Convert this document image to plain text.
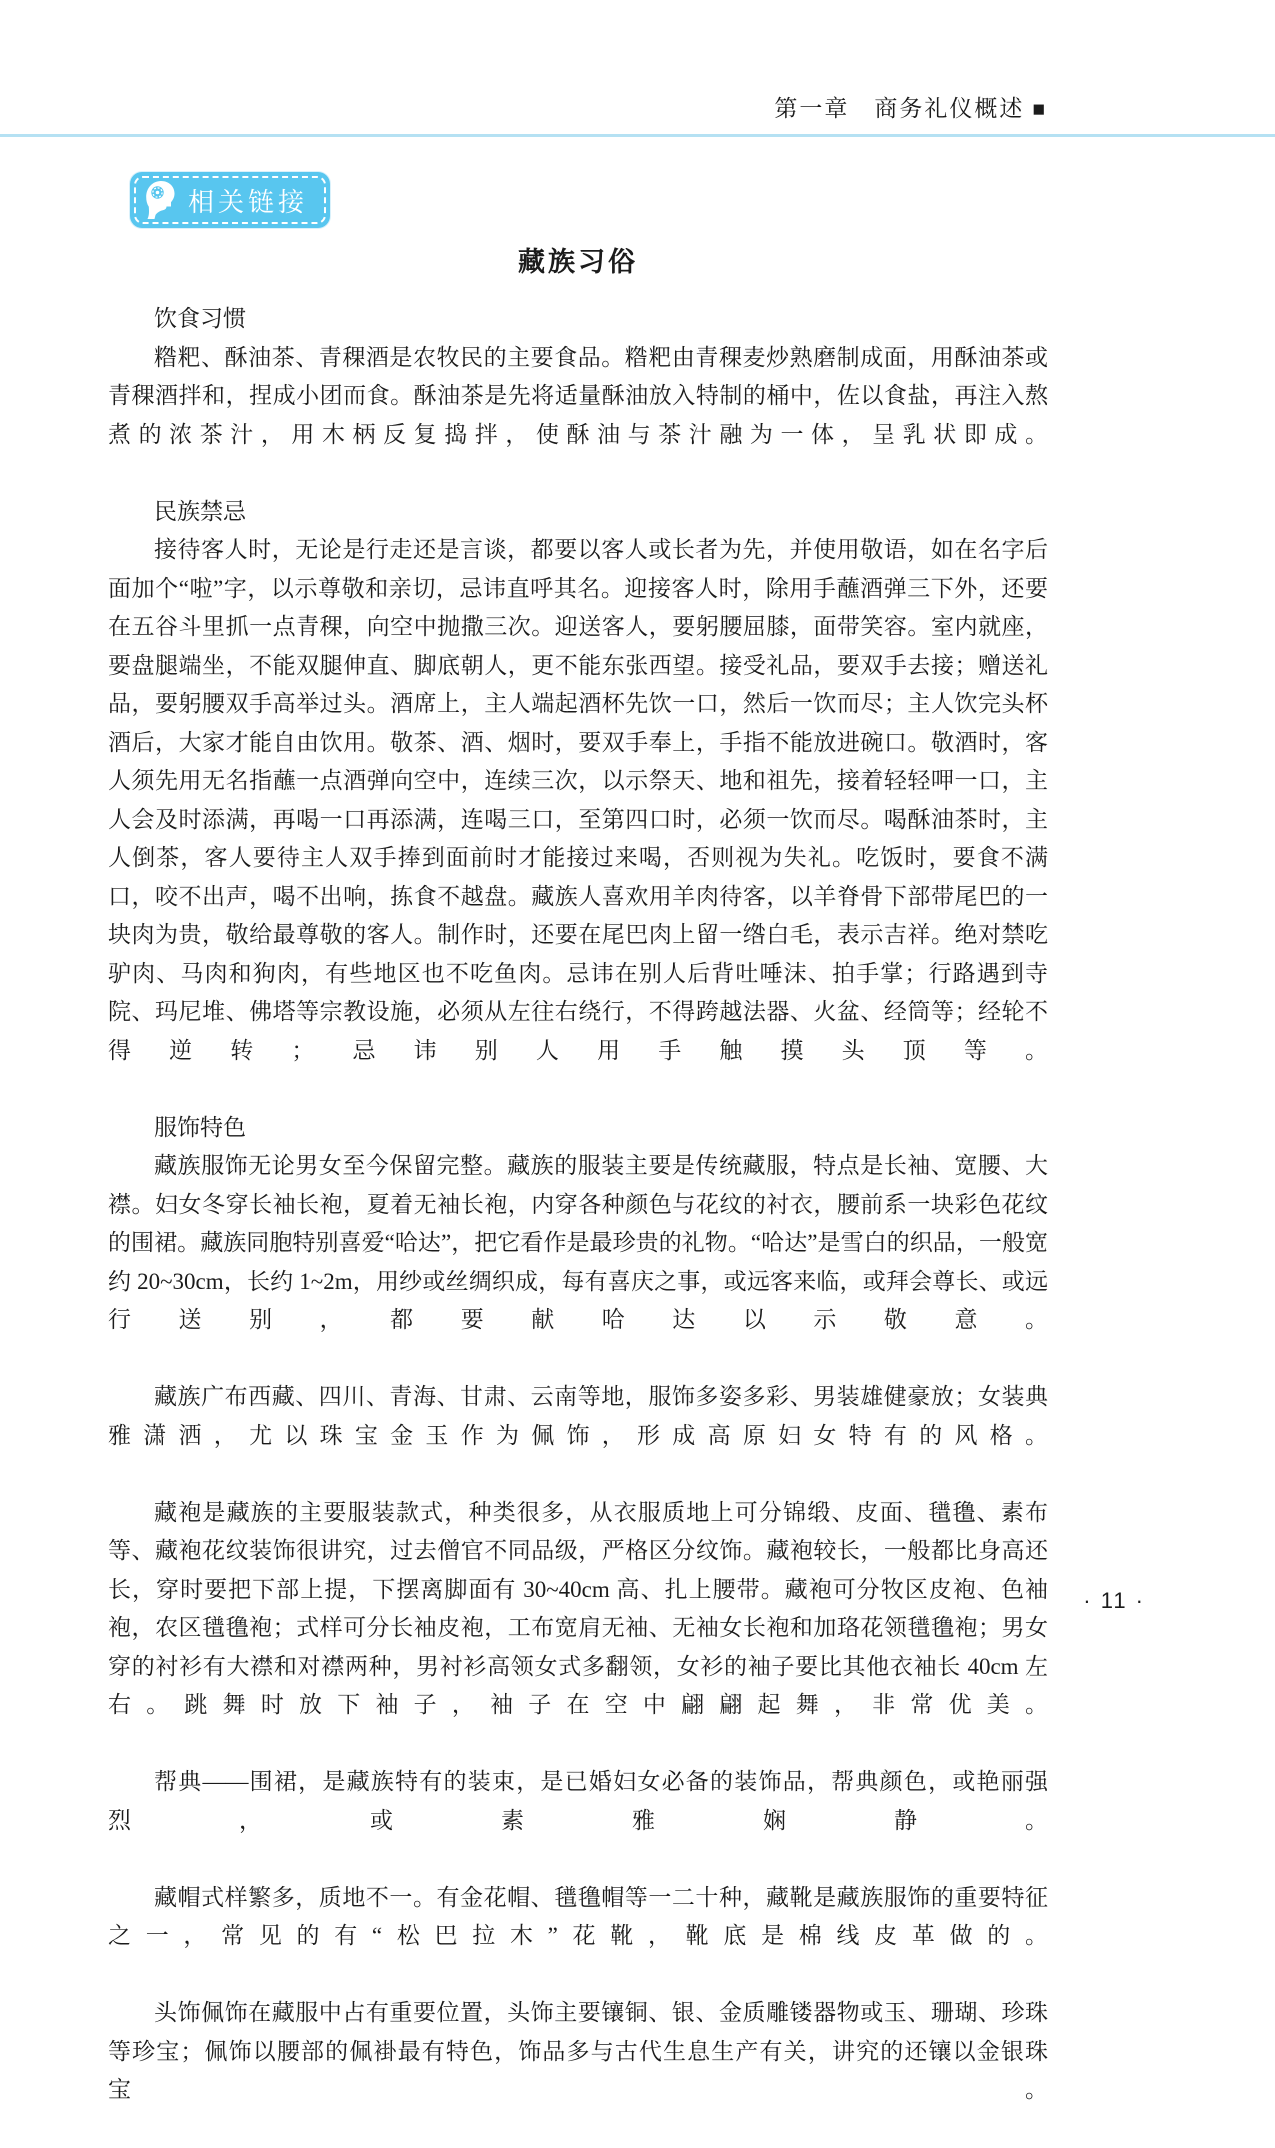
第一章　商务礼仪概述 ■
相关链接
藏族习俗

饮食习惯

糌粑、酥油茶、青稞酒是农牧民的主要食品。糌粑由青稞麦炒熟磨制成面，用酥油茶或青稞酒拌和，捏成小团而食。酥油茶是先将适量酥油放入特制的桶中，佐以食盐，再注入熬煮的浓茶汁，用木柄反复捣拌，使酥油与茶汁融为一体，呈乳状即成。

民族禁忌

接待客人时，无论是行走还是言谈，都要以客人或长者为先，并使用敬语，如在名字后面加个“啦”字，以示尊敬和亲切，忌讳直呼其名。迎接客人时，除用手蘸酒弹三下外，还要在五谷斗里抓一点青稞，向空中抛撒三次。迎送客人，要躬腰屈膝，面带笑容。室内就座，要盘腿端坐，不能双腿伸直、脚底朝人，更不能东张西望。接受礼品，要双手去接；赠送礼品，要躬腰双手高举过头。酒席上，主人端起酒杯先饮一口，然后一饮而尽；主人饮完头杯酒后，大家才能自由饮用。敬茶、酒、烟时，要双手奉上，手指不能放进碗口。敬酒时，客人须先用无名指蘸一点酒弹向空中，连续三次，以示祭天、地和祖先，接着轻轻呷一口，主人会及时添满，再喝一口再添满，连喝三口，至第四口时，必须一饮而尽。喝酥油茶时，主人倒茶，客人要待主人双手捧到面前时才能接过来喝，否则视为失礼。吃饭时，要食不满口，咬不出声，喝不出响，拣食不越盘。藏族人喜欢用羊肉待客，以羊脊骨下部带尾巴的一块肉为贵，敬给最尊敬的客人。制作时，还要在尾巴肉上留一绺白毛，表示吉祥。绝对禁吃驴肉、马肉和狗肉，有些地区也不吃鱼肉。忌讳在别人后背吐唾沫、拍手掌；行路遇到寺院、玛尼堆、佛塔等宗教设施，必须从左往右绕行，不得跨越法器、火盆、经筒等；经轮不得逆转；忌讳别人用手触摸头顶等。

服饰特色

藏族服饰无论男女至今保留完整。藏族的服装主要是传统藏服，特点是长袖、宽腰、大襟。妇女冬穿长袖长袍，夏着无袖长袍，内穿各种颜色与花纹的衬衣，腰前系一块彩色花纹的围裙。藏族同胞特别喜爱“哈达”，把它看作是最珍贵的礼物。“哈达”是雪白的织品，一般宽约 20~30cm，长约 1~2m，用纱或丝绸织成，每有喜庆之事，或远客来临，或拜会尊长、或远行送别，都要献哈达以示敬意。

藏族广布西藏、四川、青海、甘肃、云南等地，服饰多姿多彩、男装雄健豪放；女装典雅潇洒，尤以珠宝金玉作为佩饰，形成高原妇女特有的风格。

藏袍是藏族的主要服装款式，种类很多，从衣服质地上可分锦缎、皮面、氆氇、素布等、藏袍花纹装饰很讲究，过去僧官不同品级，严格区分纹饰。藏袍较长，一般都比身高还长，穿时要把下部上提，下摆离脚面有 30~40cm 高、扎上腰带。藏袍可分牧区皮袍、色袖袍，农区氆氇袍；式样可分长袖皮袍，工布宽肩无袖、无袖女长袍和加珞花领氆氇袍；男女穿的衬衫有大襟和对襟两种，男衬衫高领女式多翻领，女衫的袖子要比其他衣袖长 40cm 左右。跳舞时放下袖子，袖子在空中翩翩起舞，非常优美。

帮典——围裙，是藏族特有的装束，是已婚妇女必备的装饰品，帮典颜色，或艳丽强烈，或素雅娴静。

藏帽式样繁多，质地不一。有金花帽、氆氇帽等一二十种，藏靴是藏族服饰的重要特征之一，常见的有“松巴拉木”花靴，靴底是棉线皮革做的。

头饰佩饰在藏服中占有重要位置，头饰主要镶铜、银、金质雕镂器物或玉、珊瑚、珍珠等珍宝；佩饰以腰部的佩褂最有特色，饰品多与古代生息生产有关，讲究的还镶以金银珠宝。

· 11 ·
